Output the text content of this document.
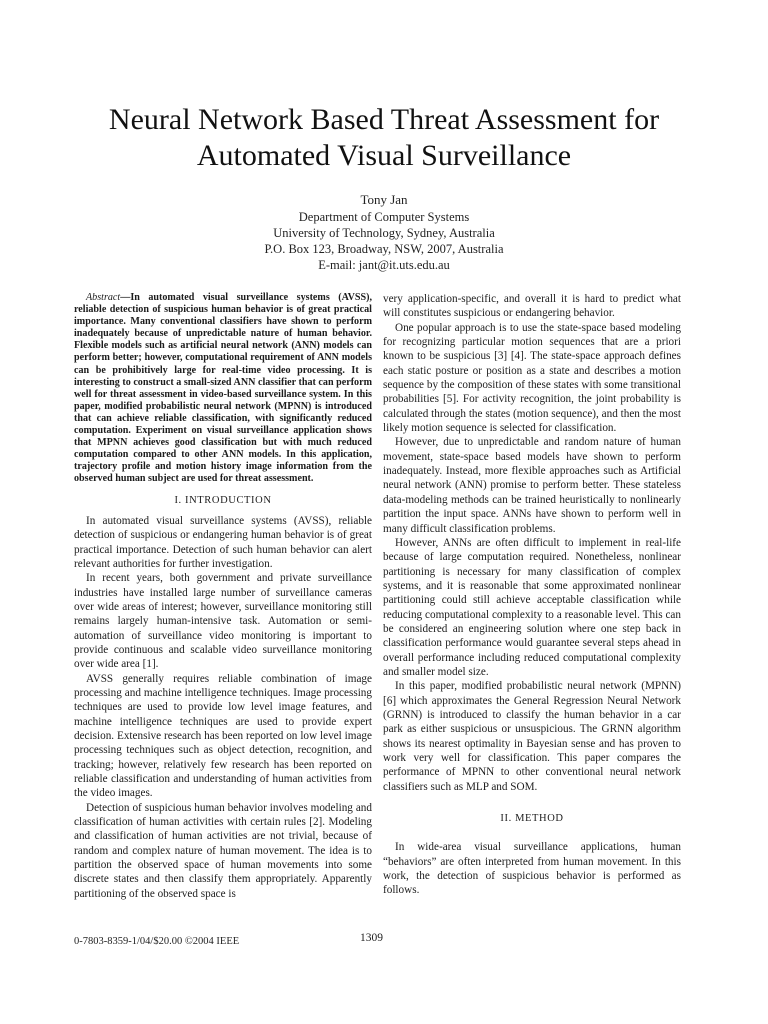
Neural Network Based Threat Assessment for
Automated Visual Surveillance
Tony Jan
Department of Computer Systems
University of Technology, Sydney, Australia
P.O. Box 123, Broadway, NSW, 2007, Australia
E-mail: jant@it.uts.edu.au

Abstract—In automated visual surveillance systems (AVSS), reliable detection of suspicious human behavior is of great practical importance. Many conventional classifiers have shown to perform inadequately because of unpredictable nature of human behavior. Flexible models such as artificial neural network (ANN) models can perform better; however, computational requirement of ANN models can be prohibitively large for real-time video processing. It is interesting to construct a small-sized ANN classifier that can perform well for threat assessment in video-based surveillance system. In this paper, modified probabilistic neural network (MPNN) is introduced that can achieve reliable classification, with significantly reduced computation. Experiment on visual surveillance application shows that MPNN achieves good classification but with much reduced computation compared to other ANN models. In this application, trajectory profile and motion history image information from the observed human subject are used for threat assessment.

I. INTRODUCTION

In automated visual surveillance systems (AVSS), reliable detection of suspicious or endangering human behavior is of great practical importance. Detection of such human behavior can alert relevant authorities for further investigation.

In recent years, both government and private surveillance industries have installed large number of surveillance cameras over wide areas of interest; however, surveillance monitoring still remains largely human-intensive task. Automation or semi-automation of surveillance video monitoring is important to provide continuous and scalable video surveillance monitoring over wide area [1].

AVSS generally requires reliable combination of image processing and machine intelligence techniques. Image processing techniques are used to provide low level image features, and machine intelligence techniques are used to provide expert decision. Extensive research has been reported on low level image processing techniques such as object detection, recognition, and tracking; however, relatively few research has been reported on reliable classification and understanding of human activities from the video images.

Detection of suspicious human behavior involves modeling and classification of human activities with certain rules [2]. Modeling and classification of human activities are not trivial, because of random and complex nature of human movement. The idea is to partition the observed space of human movements into some discrete states and then classify them appropriately. Apparently partitioning of the observed space is

very application-specific, and overall it is hard to predict what will constitutes suspicious or endangering behavior.

One popular approach is to use the state-space based modeling for recognizing particular motion sequences that are a priori known to be suspicious [3] [4]. The state-space approach defines each static posture or position as a state and describes a motion sequence by the composition of these states with some transitional probabilities [5]. For activity recognition, the joint probability is calculated through the states (motion sequence), and then the most likely motion sequence is selected for classification.

However, due to unpredictable and random nature of human movement, state-space based models have shown to perform inadequately. Instead, more flexible approaches such as Artificial neural network (ANN) promise to perform better. These stateless data-modeling methods can be trained heuristically to nonlinearly partition the input space. ANNs have shown to perform well in many difficult classification problems.

However, ANNs are often difficult to implement in real-life because of large computation required. Nonetheless, nonlinear partitioning is necessary for many classification of complex systems, and it is reasonable that some approximated nonlinear partitioning could still achieve acceptable classification while reducing computational complexity to a reasonable level. This can be considered an engineering solution where one step back in classification performance would guarantee several steps ahead in overall performance including reduced computational complexity and smaller model size.

In this paper, modified probabilistic neural network (MPNN) [6] which approximates the General Regression Neural Network (GRNN) is introduced to classify the human behavior in a car park as either suspicious or unsuspicious. The GRNN algorithm shows its nearest optimality in Bayesian sense and has proven to work very well for classification. This paper compares the performance of MPNN to other conventional neural network classifiers such as MLP and SOM.

II. METHOD

In wide-area visual surveillance applications, human “behaviors” are often interpreted from human movement. In this work, the detection of suspicious behavior is performed as follows.

0-7803-8359-1/04/$20.00 ©2004 IEEE	1309
